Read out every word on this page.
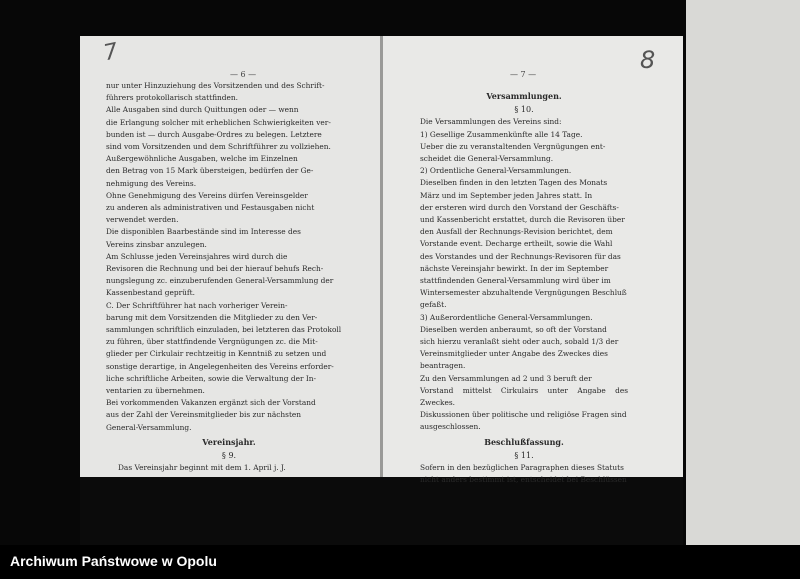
7	8
— 6 —	— 7 —

nur unter Hinzuziehung des Vorsitzenden und des Schrift-

führers protokollarisch stattfinden.

Alle Ausgaben sind durch Quittungen oder — wenn

die Erlangung solcher mit erheblichen Schwierigkeiten ver-

bunden ist — durch Ausgabe-Ordres zu belegen. Letztere

sind vom Vorsitzenden und dem Schriftführer zu vollziehen.

Außergewöhnliche Ausgaben, welche im Einzelnen

den Betrag von 15 Mark übersteigen, bedürfen der Ge-

nehmigung des Vereins.

Ohne Genehmigung des Vereins dürfen Vereinsgelder

zu anderen als administrativen und Festausgaben nicht

verwendet werden.

Die disponiblen Baarbestände sind im Interesse des

Vereins zinsbar anzulegen.

Am Schlusse jeden Vereinsjahres wird durch die

Revisoren die Rechnung und bei der hierauf behufs Rech-

nungslegung zc. einzuberufenden General-Versammlung der

Kassenbestand geprüft.

C. Der Schriftführer hat nach vorheriger Verein-

barung mit dem Vorsitzenden die Mitglieder zu den Ver-

sammlungen schriftlich einzuladen, bei letzteren das Protokoll

zu führen, über stattfindende Vergnügungen zc. die Mit-

glieder per Cirkulair rechtzeitig in Kenntniß zu setzen und

sonstige derartige, in Angelegenheiten des Vereins erforder-

liche schriftliche Arbeiten, sowie die Verwaltung der In-

ventarien zu übernehmen.

Bei vorkommenden Vakanzen ergänzt sich der Vorstand

aus der Zahl der Vereinsmitglieder bis zur nächsten

General-Versammlung.

Vereinsjahr.
§ 9.

Das Vereinsjahr beginnt mit dem 1. April j. J.

Versammlungen.
§ 10.

Die Versammlungen des Vereins sind:

1) Gesellige Zusammenkünfte alle 14 Tage.

Ueber die zu veranstaltenden Vergnügungen ent-

scheidet die General-Versammlung.

2) Ordentliche General-Versammlungen.

Dieselben finden in den letzten Tagen des Monats

März und im September jeden Jahres statt. In

der ersteren wird durch den Vorstand der Geschäfts-

und Kassenbericht erstattet, durch die Revisoren über

den Ausfall der Rechnungs-Revision berichtet, dem

Vorstande event. Decharge ertheilt, sowie die Wahl

des Vorstandes und der Rechnungs-Revisoren für das

nächste Vereinsjahr bewirkt. In der im September

stattfindenden General-Versammlung wird über im

Wintersemester abzuhaltende Vergnügungen Beschluß

gefaßt.

3) Außerordentliche General-Versammlungen.

Dieselben werden anberaumt, so oft der Vorstand

sich hierzu veranlaßt sieht oder auch, sobald 1/3 der

Vereinsmitglieder unter Angabe des Zweckes dies

beantragen.

Zu den Versammlungen ad 2 und 3 beruft der

Vorstand mittelst Cirkulairs unter Angabe des Zweckes.

Diskussionen über politische und religiöse Fragen sind

ausgeschlossen.

Beschlußfassung.
§ 11.

Sofern in den bezüglichen Paragraphen dieses Statuts

nicht anders bestimmt ist, entscheidet bei Beschlüssen

Archiwum Państwowe w Opolu
